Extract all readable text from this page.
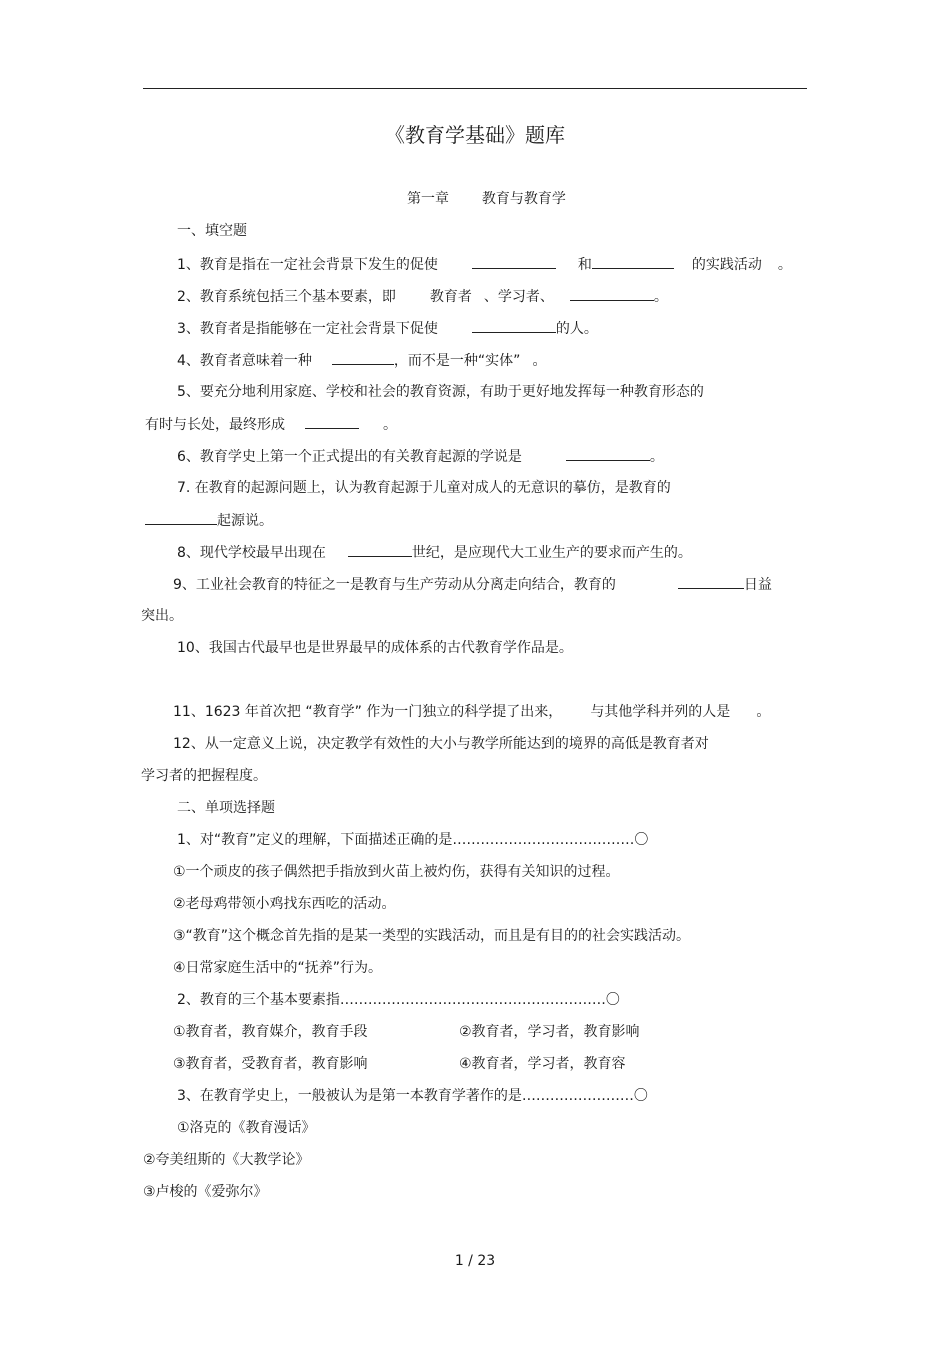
《教育学基础》题库
第一章 教育与教育学
一、填空题
1、教育是指在一定社会背景下发生的促使	和	的实践活动 。
2、教育系统包括三个基本要素，即 教育者 、学习者、	。
3、教育者是指能够在一定社会背景下促使	的人。
4、教育者意味着一种	，而不是一种“实体” 。
5、要充分地利用家庭、学校和社会的教育资源，有助于更好地发挥每一种教育形态的
有时与长处，最终形成	。
6、教育学史上第一个正式提出的有关教育起源的学说是	。
7. 在教育的起源问题上，认为教育起源于儿童对成人的无意识的摹仿，是教育的
起源说。
8、现代学校最早出现在	世纪，是应现代大工业生产的要求而产生的。
9、工业社会教育的特征之一是教育与生产劳动从分离走向结合，教育的	日益
突出。
10、我国古代最早也是世界最早的成体系的古代教育学作品是。
11、1623 年首次把 “教育学” 作为一门独立的科学提了出来， 与其他学科并列的人是 。
12、从一定意义上说，决定教学有效性的大小与教学所能达到的境界的高低是教育者对
学习者的把握程度。
二、单项选择题
1、对“教育”定义的理解，下面描述正确的是…………………………………〇
①一个顽皮的孩子偶然把手指放到火苗上被灼伤，获得有关知识的过程。
②老母鸡带领小鸡找东西吃的活动。
③“教育”这个概念首先指的是某一类型的实践活动，而且是有目的的社会实践活动。
④日常家庭生活中的“抚养”行为。
2、教育的三个基本要素指…………………………………………………〇
①教育者，教育媒介，教育手段	②教育者，学习者，教育影响
③教育者，受教育者，教育影响	④教育者，学习者，教育容
3、在教育学史上，一般被认为是第一本教育学著作的是……………………〇
①洛克的《教育漫话》
②夸美纽斯的《大教学论》
③卢梭的《爱弥尔》
1 / 23
